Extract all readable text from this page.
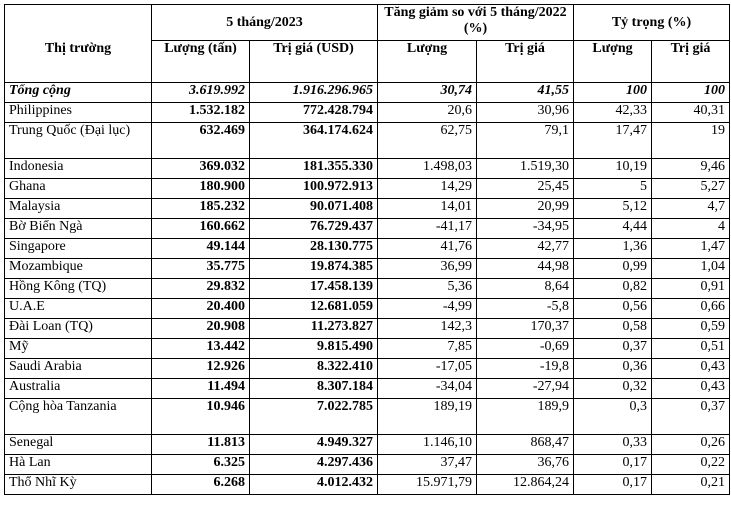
Thị trường	5 tháng/2023		Tăng giảm so với 5 tháng/2022 (%)		Tỷ trọng (%)	
	Lượng (tấn)	Trị giá (USD)	Lượng	Trị giá	Lượng	Trị giá
Tổng cộng	3.619.992	1.916.296.965	30,74	41,55	100	100
Philippines	1.532.182	772.428.794	20,6	30,96	42,33	40,31
Trung Quốc (Đại lục)	632.469	364.174.624	62,75	79,1	17,47	19
Indonesia	369.032	181.355.330	1.498,03	1.519,30	10,19	9,46
Ghana	180.900	100.972.913	14,29	25,45	5	5,27
Malaysia	185.232	90.071.408	14,01	20,99	5,12	4,7
Bờ Biển Ngà	160.662	76.729.437	-41,17	-34,95	4,44	4
Singapore	49.144	28.130.775	41,76	42,77	1,36	1,47
Mozambique	35.775	19.874.385	36,99	44,98	0,99	1,04
Hồng Kông (TQ)	29.832	17.458.139	5,36	8,64	0,82	0,91
U.A.E	20.400	12.681.059	-4,99	-5,8	0,56	0,66
Đài Loan (TQ)	20.908	11.273.827	142,3	170,37	0,58	0,59
Mỹ	13.442	9.815.490	7,85	-0,69	0,37	0,51
Saudi Arabia	12.926	8.322.410	-17,05	-19,8	0,36	0,43
Australia	11.494	8.307.184	-34,04	-27,94	0,32	0,43
Cộng hòa Tanzania	10.946	7.022.785	189,19	189,9	0,3	0,37
Senegal	11.813	4.949.327	1.146,10	868,47	0,33	0,26
Hà Lan	6.325	4.297.436	37,47	36,76	0,17	0,22
Thổ Nhĩ Kỳ	6.268	4.012.432	15.971,79	12.864,24	0,17	0,21
